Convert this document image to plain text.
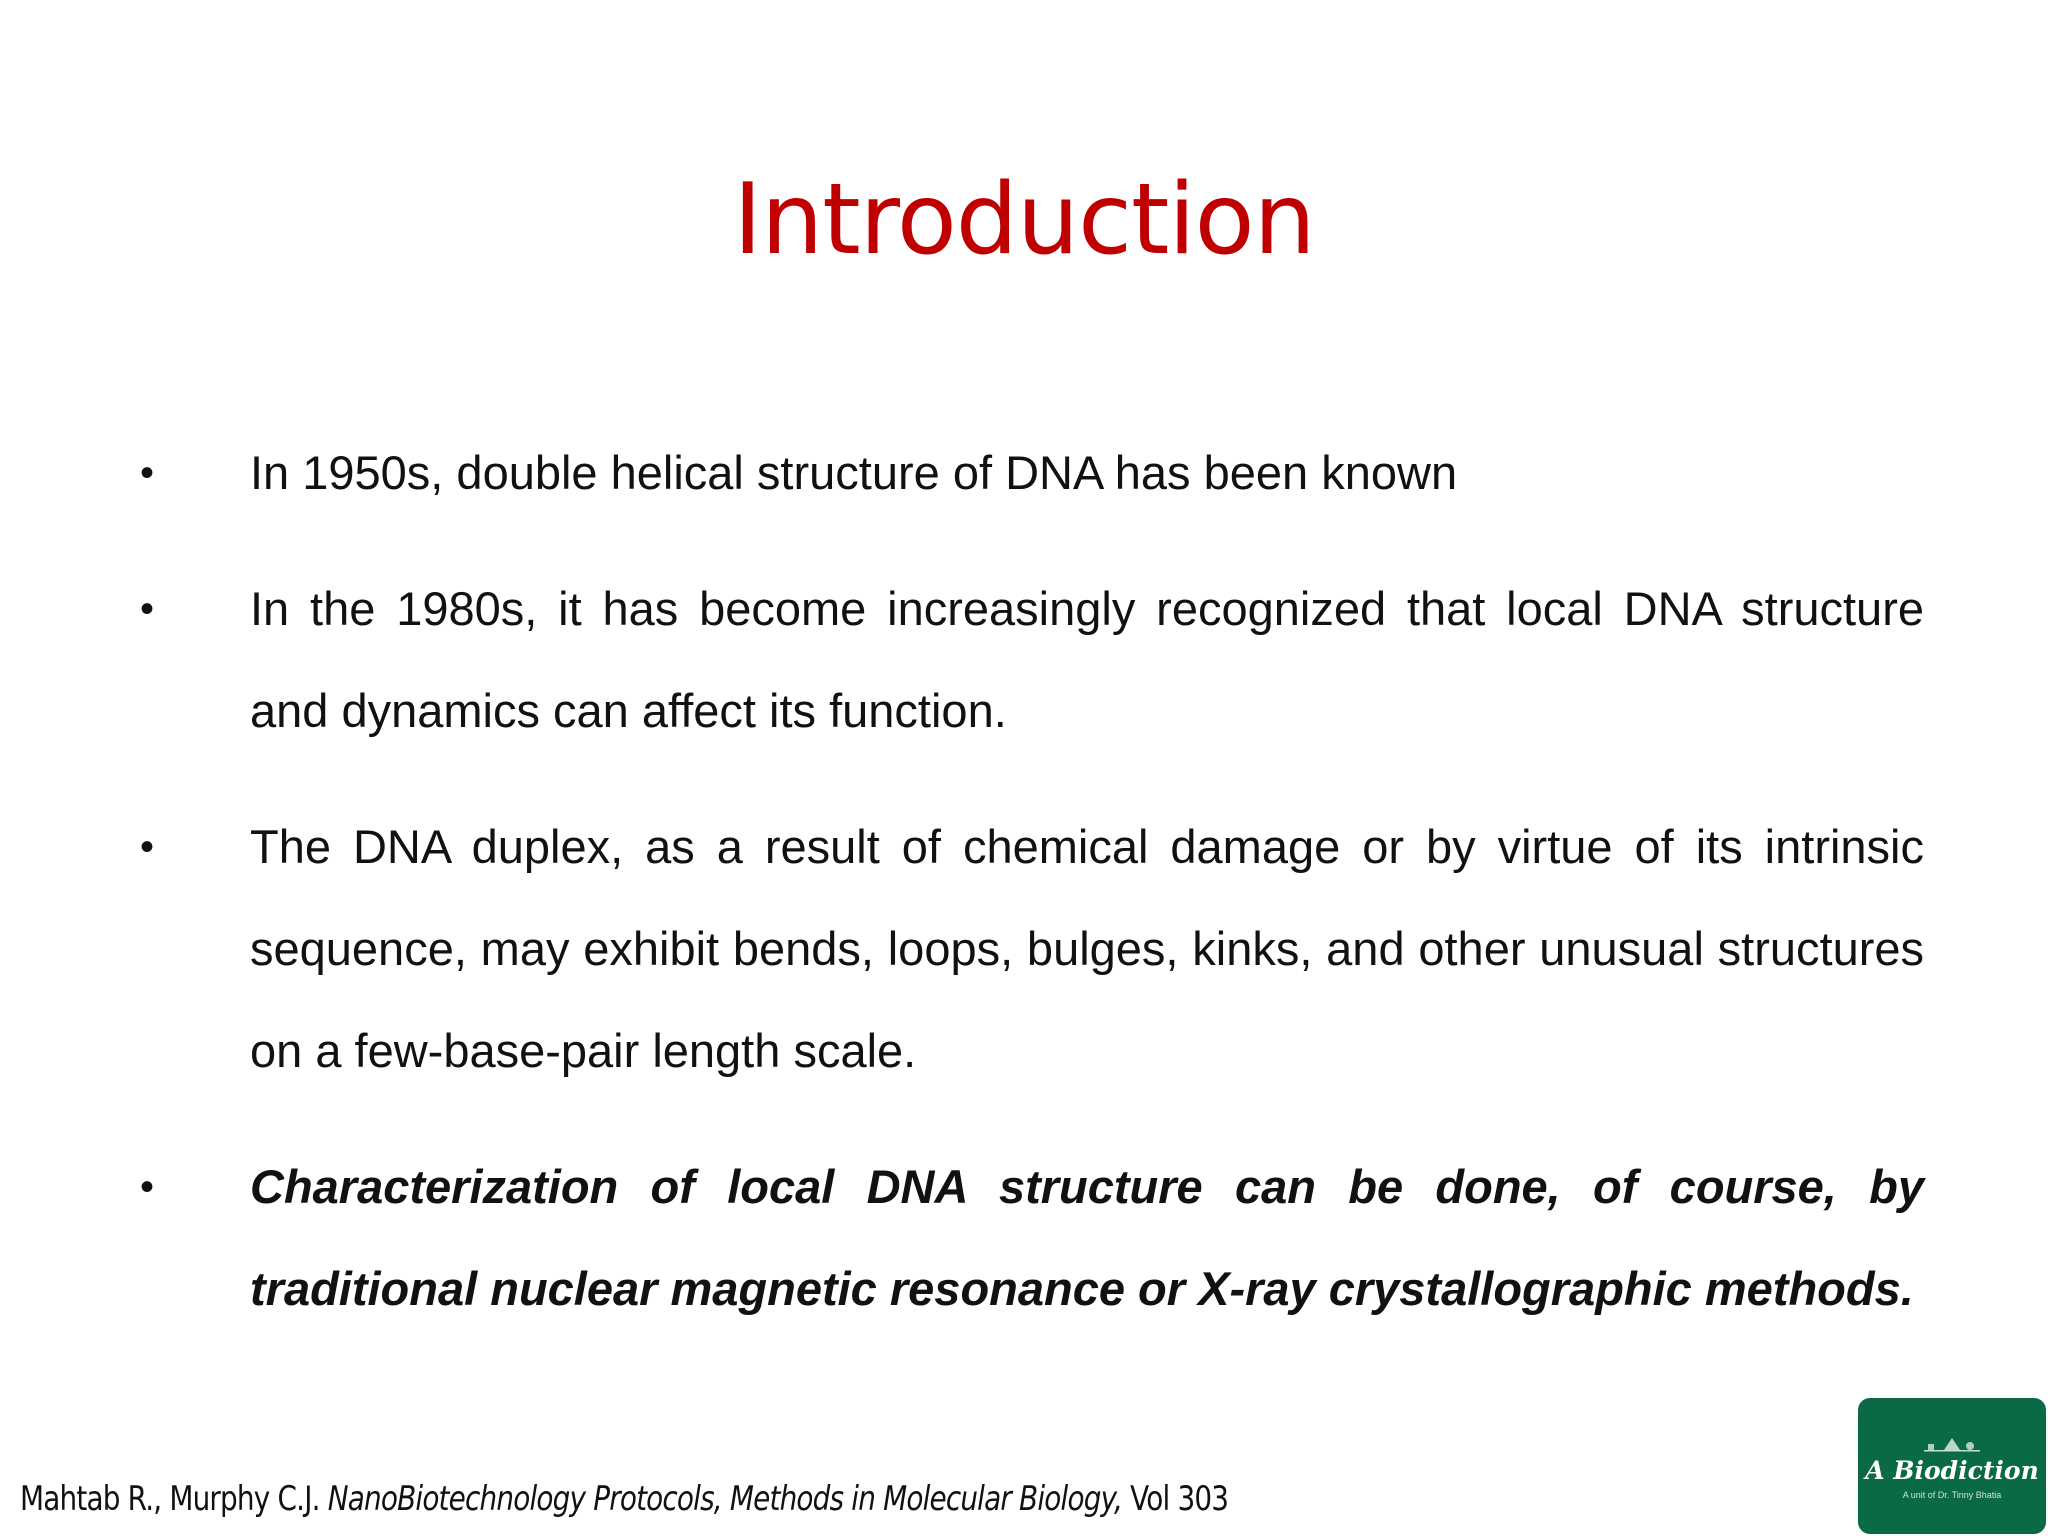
Introduction
•	In 1950s, double helical structure of DNA has been known
•	In the 1980s, it has become increasingly recognized that local DNA structure and dynamics can affect its function.
•	The DNA duplex, as a result of chemical damage or by virtue of its intrinsic sequence, may exhibit bends, loops, bulges, kinks, and other unusual structures on a few-base-pair length scale.
•	Characterization of local DNA structure can be done, of course, by traditional nuclear magnetic resonance or X-ray crystallographic methods.
Mahtab R., Murphy C.J. NanoBiotechnology Protocols, Methods in Molecular Biology, Vol 303
A Biodiction
A unit of Dr. Tinny Bhatia
